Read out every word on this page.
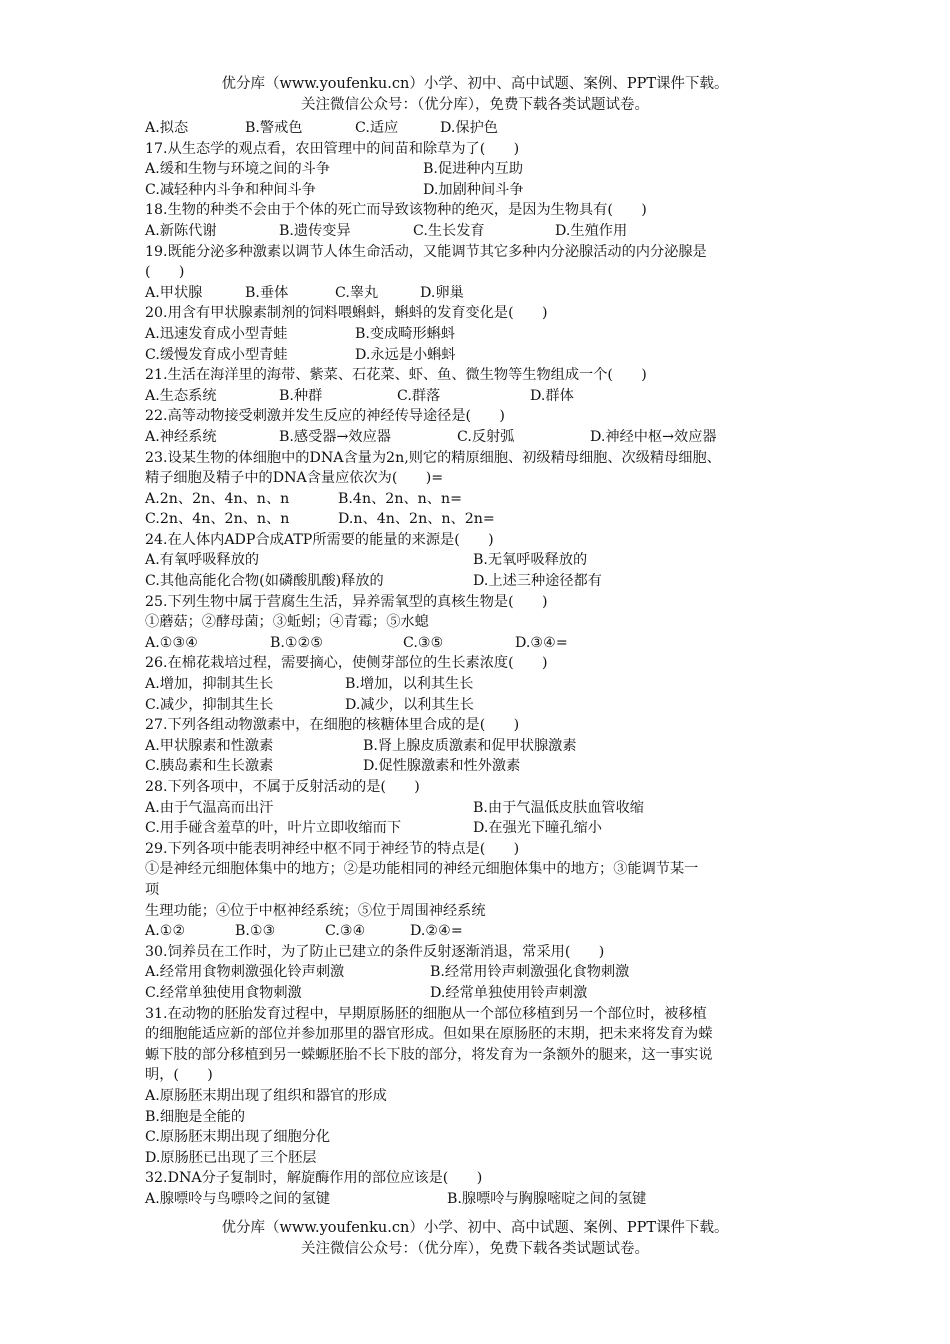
优分库（www.youfenku.cn）小学、初中、高中试题、案例、PPT课件下载。
关注微信公众号：（优分库），免费下载各类试题试卷。
A.拟态	B.警戒色	C.适应	D.保护色
17.从生态学的观点看，农田管理中的间苗和除草为了(　　)
A.缓和生物与环境之间的斗争	B.促进种内互助
C.减轻种内斗争和种间斗争	D.加剧种间斗争
18.生物的种类不会由于个体的死亡而导致该物种的绝灭，是因为生物具有(　　)
A.新陈代谢	B.遗传变异	C.生长发育	D.生殖作用
19.既能分泌多种激素以调节人体生命活动，又能调节其它多种内分泌腺活动的内分泌腺是
(　　)
A.甲状腺	B.垂体	C.睾丸	D.卵巢
20.用含有甲状腺素制剂的饲料喂蝌蚪，蝌蚪的发育变化是(　　)
A.迅速发育成小型青蛙	B.变成畸形蝌蚪
C.缓慢发育成小型青蛙	D.永远是小蝌蚪
21.生活在海洋里的海带、紫菜、石花菜、虾、鱼、微生物等生物组成一个(　　)
A.生态系统	B.种群	C.群落	D.群体
22.高等动物接受刺激并发生反应的神经传导途径是(　　)
A.神经系统	B.感受器→效应器	C.反射弧	D.神经中枢→效应器
23.设某生物的体细胞中的DNA含量为2n,则它的精原细胞、初级精母细胞、次级精母细胞、
精子细胞及精子中的DNA含量应依次为(　　)=
A.2n、2n、4n、n、n	B.4n、2n、n、n=
C.2n、4n、2n、n、n	D.n、4n、2n、n、2n=
24.在人体内ADP合成ATP所需要的能量的来源是(　　)
A.有氧呼吸释放的	B.无氧呼吸释放的
C.其他高能化合物(如磷酸肌酸)释放的	D.上述三种途径都有
25.下列生物中属于营腐生生活，异养需氧型的真核生物是(　　)
①蘑菇；②酵母菌；③蚯蚓；④青霉；⑤水螅
A.①③④	B.①②⑤	C.③⑤	D.③④=
26.在棉花栽培过程，需要摘心，使侧芽部位的生长素浓度(　　)
A.增加，抑制其生长	B.增加，以利其生长
C.减少，抑制其生长	D.减少，以利其生长
27.下列各组动物激素中，在细胞的核糖体里合成的是(　　)
A.甲状腺素和性激素	B.肾上腺皮质激素和促甲状腺激素
C.胰岛素和生长激素	D.促性腺激素和性外激素
28.下列各项中，不属于反射活动的是(　　)
A.由于气温高而出汗	B.由于气温低皮肤血管收缩
C.用手碰含羞草的叶，叶片立即收缩而下	D.在强光下瞳孔缩小
29.下列各项中能表明神经中枢不同于神经节的特点是(　　)
①是神经元细胞体集中的地方；②是功能相同的神经元细胞体集中的地方；③能调节某一
项
生理功能；④位于中枢神经系统；⑤位于周围神经系统
A.①②	B.①③	C.③④	D.②④=
30.饲养员在工作时，为了防止已建立的条件反射逐渐消退，常采用(　　)
A.经常用食物刺激强化铃声刺激	B.经常用铃声刺激强化食物刺激
C.经常单独使用食物刺激	D.经常单独使用铃声刺激
31.在动物的胚胎发育过程中，早期原肠胚的细胞从一个部位移植到另一个部位时，被移植
的细胞能适应新的部位并参加那里的器官形成。但如果在原肠胚的末期，把未来将发育为蝾
螈下肢的部分移植到另一蝾螈胚胎不长下肢的部分，将发育为一条额外的腿来，这一事实说
明，(　　)
A.原肠胚末期出现了组织和器官的形成
B.细胞是全能的
C.原肠胚末期出现了细胞分化
D.原肠胚已出现了三个胚层
32.DNA分子复制时，解旋酶作用的部位应该是(　　)
A.腺嘌呤与鸟嘌呤之间的氢键	B.腺嘌呤与胸腺嘧啶之间的氢键
优分库（www.youfenku.cn）小学、初中、高中试题、案例、PPT课件下载。
关注微信公众号：（优分库），免费下载各类试题试卷。
